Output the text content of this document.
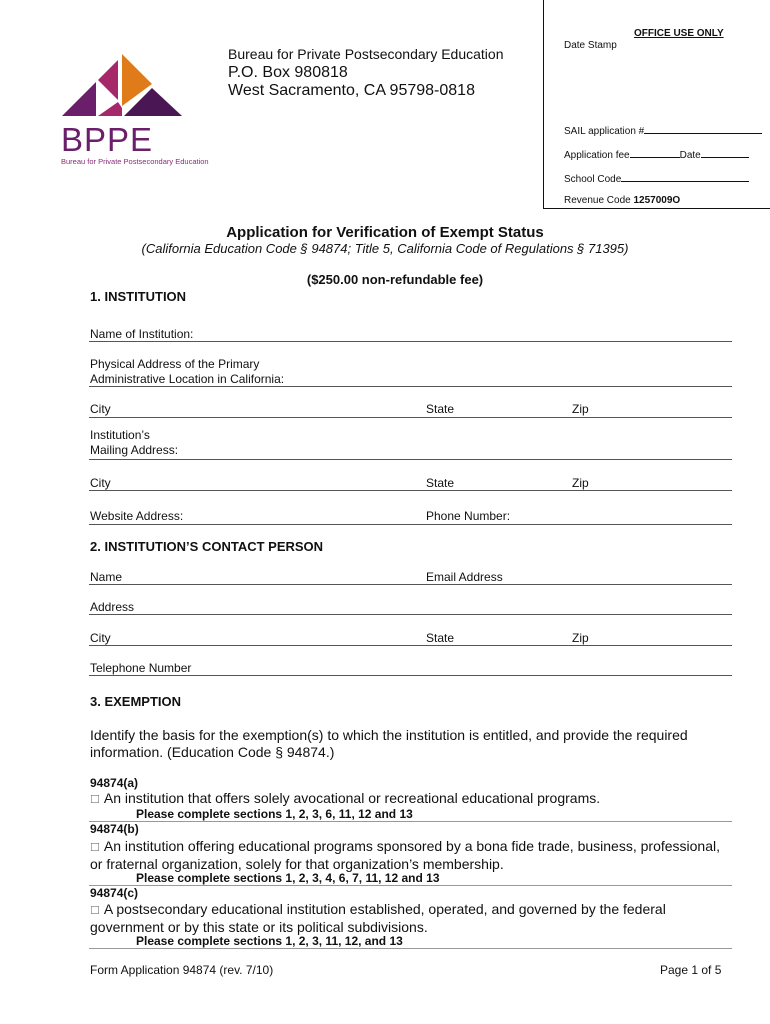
BPPE
Bureau for Private Postsecondary Education
Bureau for Private Postsecondary Education
P.O. Box 980818
West Sacramento, CA 95798-0818
OFFICE USE ONLY
Date Stamp
SAIL application #
Application fee	Date
School Code
Revenue Code 1257009O
Application for Verification of Exempt Status
(California Education Code § 94874; Title 5, California Code of Regulations § 71395)
($250.00 non-refundable fee)
1. INSTITUTION
Name of Institution:
Physical Address of the Primary
Administrative Location in California:
City	State	Zip
Institution’s
Mailing Address:
City	State	Zip
Website Address:	Phone Number:
2. INSTITUTION’S CONTACT PERSON
Name	Email Address
Address
City	State	Zip
Telephone Number
3. EXEMPTION
Identify the basis for the exemption(s) to which the institution is entitled, and provide the required
information. (Education Code § 94874.)
94874(a)
☐ An institution that offers solely avocational or recreational educational programs.
Please complete sections 1, 2, 3, 6, 11, 12 and 13
94874(b)
☐ An institution offering educational programs sponsored by a bona fide trade, business, professional,
or fraternal organization, solely for that organization’s membership.
Please complete sections 1, 2, 3, 4, 6, 7, 11, 12 and 13
94874(c)
☐ A postsecondary educational institution established, operated, and governed by the federal
government or by this state or its political subdivisions.
Please complete sections 1, 2, 3, 11, 12, and 13
Form Application 94874 (rev. 7/10)	Page 1 of 5
